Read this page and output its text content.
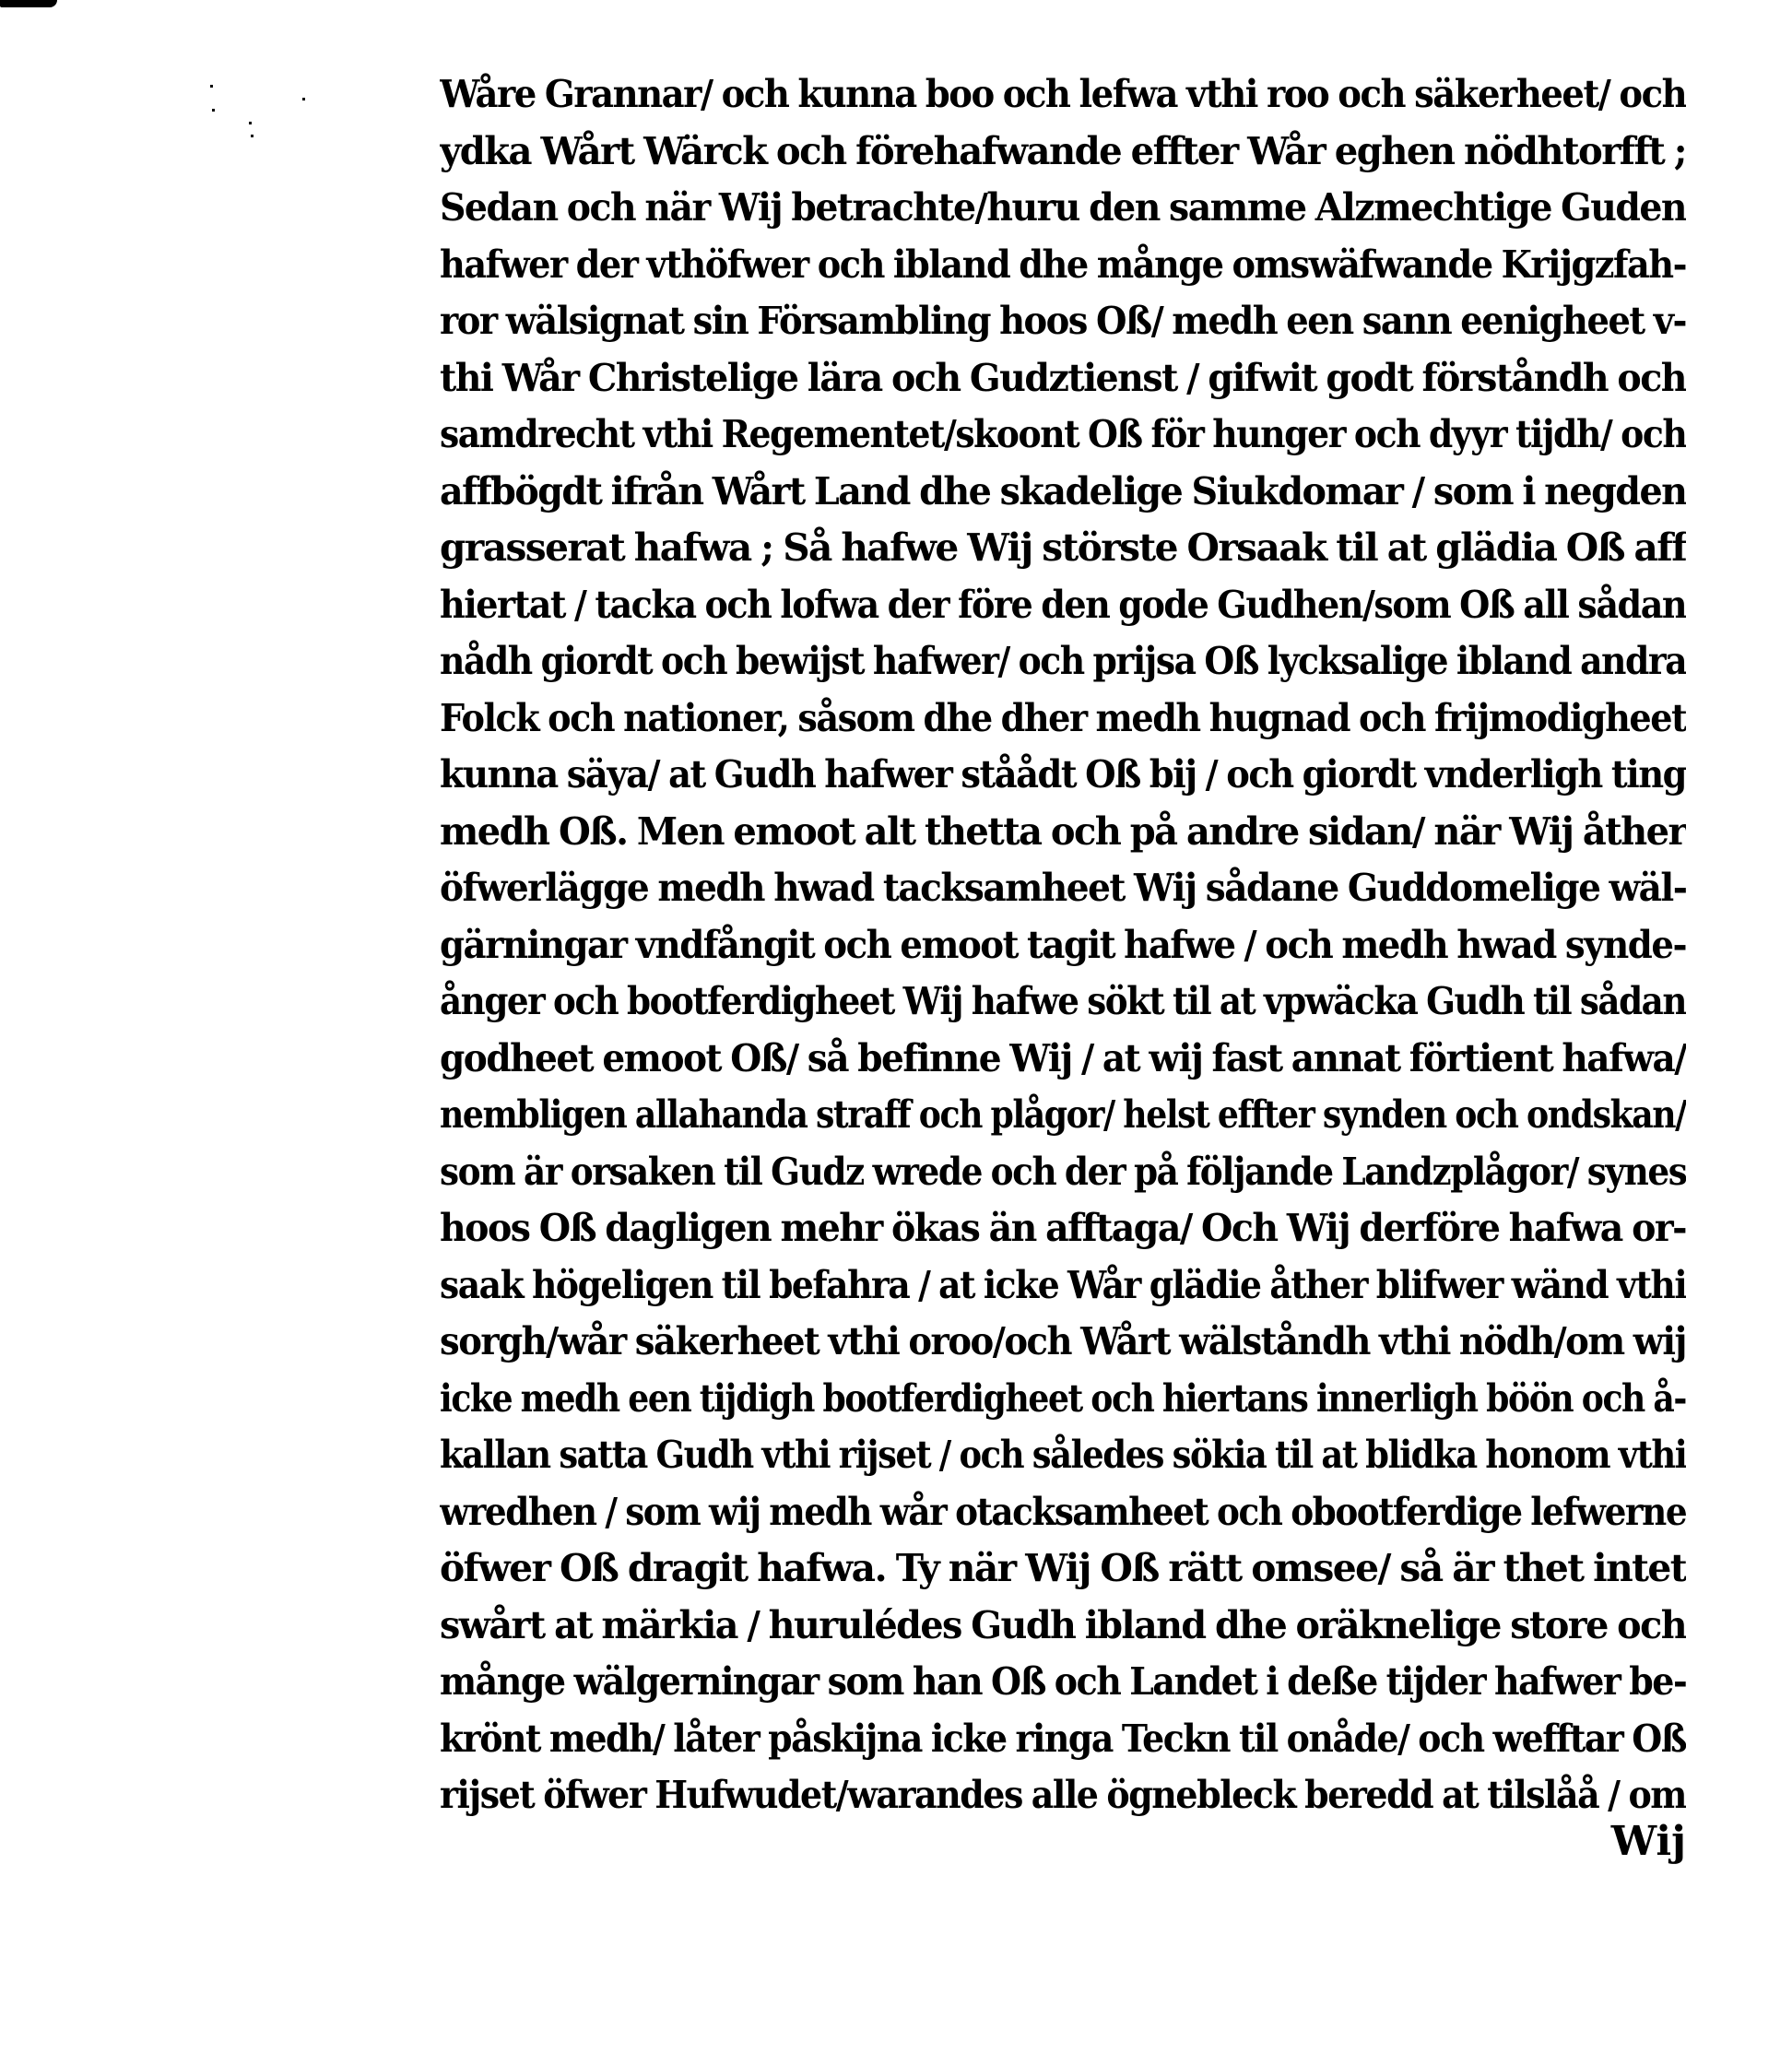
Wåre Grannar/ och kunna boo och lefwa vthi roo och säkerheet/ och
ydka Wårt Wärck och förehafwande effter Wår eghen nödhtorfft ;
Sedan och när Wij betrachte/huru den samme Alzmechtige Guden
hafwer der vthöfwer och ibland dhe månge omswäfwande Krijgzfah-
ror wälsignat sin Försambling hoos Oß/ medh een sann eenigheet v-
thi Wår Christelige lära och Gudztienst / gifwit godt förståndh och
samdrecht vthi Regementet/skoont Oß för hunger och dyyr tijdh/ och
affbögdt ifrån Wårt Land dhe skadelige Siukdomar / som i negden
grasserat hafwa ; Så hafwe Wij störste Orsaak til at glädia Oß aff
hiertat / tacka och lofwa der före den gode Gudhen/som Oß all sådan
nådh giordt och bewijst hafwer/ och prijsa Oß lycksalige ibland andra
Folck och nationer, såsom dhe dher medh hugnad och frijmodigheet
kunna säya/ at Gudh hafwer ståådt Oß bij / och giordt vnderligh ting
medh Oß. Men emoot alt thetta och på andre sidan/ när Wij åther
öfwerlägge medh hwad tacksamheet Wij sådane Guddomelige wäl-
gärningar vndfångit och emoot tagit hafwe / och medh hwad synde-
ånger och bootferdigheet Wij hafwe sökt til at vpwäcka Gudh til sådan
godheet emoot Oß/ så befinne Wij / at wij fast annat förtient hafwa/
nembligen allahanda straff och plågor/ helst effter synden och ondskan/
som är orsaken til Gudz wrede och der på följande Landzplågor/ synes
hoos Oß dagligen mehr ökas än afftaga/ Och Wij derföre hafwa or-
saak högeligen til befahra / at icke Wår glädie åther blifwer wänd vthi
sorgh/wår säkerheet vthi oroo/och Wårt wälståndh vthi nödh/om wij
icke medh een tijdigh bootferdigheet och hiertans innerligh böön och å-
kallan satta Gudh vthi rijset / och således sökia til at blidka honom vthi
wredhen / som wij medh wår otacksamheet och obootferdige lefwerne
öfwer Oß dragit hafwa. Ty när Wij Oß rätt omsee/ så är thet intet
swårt at märkia / hurulédes Gudh ibland dhe oräknelige store och
månge wälgerningar som han Oß och Landet i deße tijder hafwer be-
krönt medh/ låter påskijna icke ringa Teckn til onåde/ och wefftar Oß
rijset öfwer Hufwudet/warandes alle ögnebleck beredd at tilslåå / om
Wij
